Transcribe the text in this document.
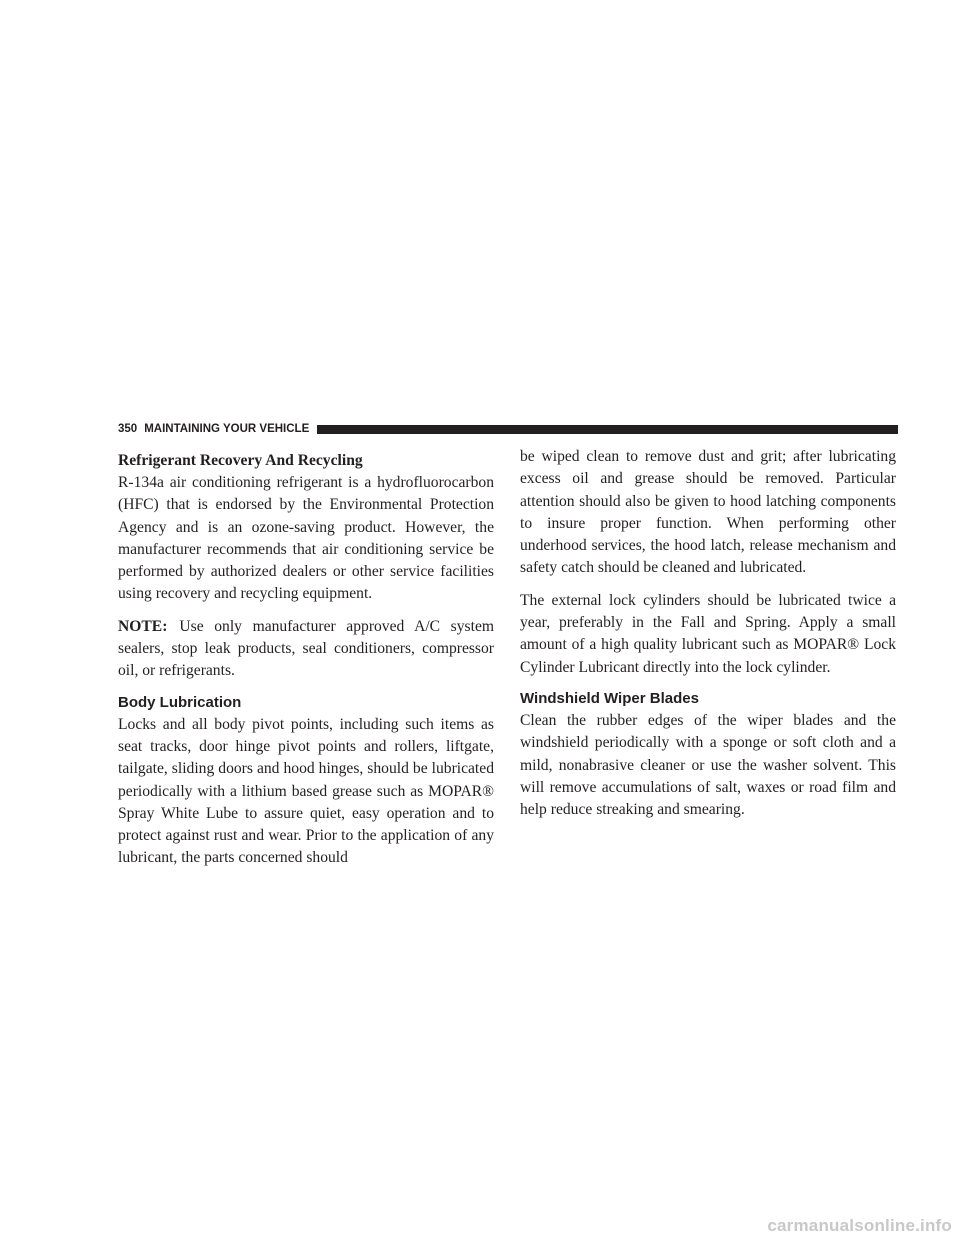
350 MAINTAINING YOUR VEHICLE
Refrigerant Recovery And Recycling

R-134a air conditioning refrigerant is a hydrofluorocarbon (HFC) that is endorsed by the Environmental Protection Agency and is an ozone-saving product. However, the manufacturer recommends that air conditioning service be performed by authorized dealers or other service facilities using recovery and recycling equipment.

NOTE: Use only manufacturer approved A/C system sealers, stop leak products, seal conditioners, compressor oil, or refrigerants.

Body Lubrication

Locks and all body pivot points, including such items as seat tracks, door hinge pivot points and rollers, liftgate, tailgate, sliding doors and hood hinges, should be lubricated periodically with a lithium based grease such as MOPAR® Spray White Lube to assure quiet, easy operation and to protect against rust and wear. Prior to the application of any lubricant, the parts concerned should

be wiped clean to remove dust and grit; after lubricating excess oil and grease should be removed. Particular attention should also be given to hood latching components to insure proper function. When performing other underhood services, the hood latch, release mechanism and safety catch should be cleaned and lubricated.

The external lock cylinders should be lubricated twice a year, preferably in the Fall and Spring. Apply a small amount of a high quality lubricant such as MOPAR® Lock Cylinder Lubricant directly into the lock cylinder.

Windshield Wiper Blades

Clean the rubber edges of the wiper blades and the windshield periodically with a sponge or soft cloth and a mild, nonabrasive cleaner or use the washer solvent. This will remove accumulations of salt, waxes or road film and help reduce streaking and smearing.

carmanualsonline.info
